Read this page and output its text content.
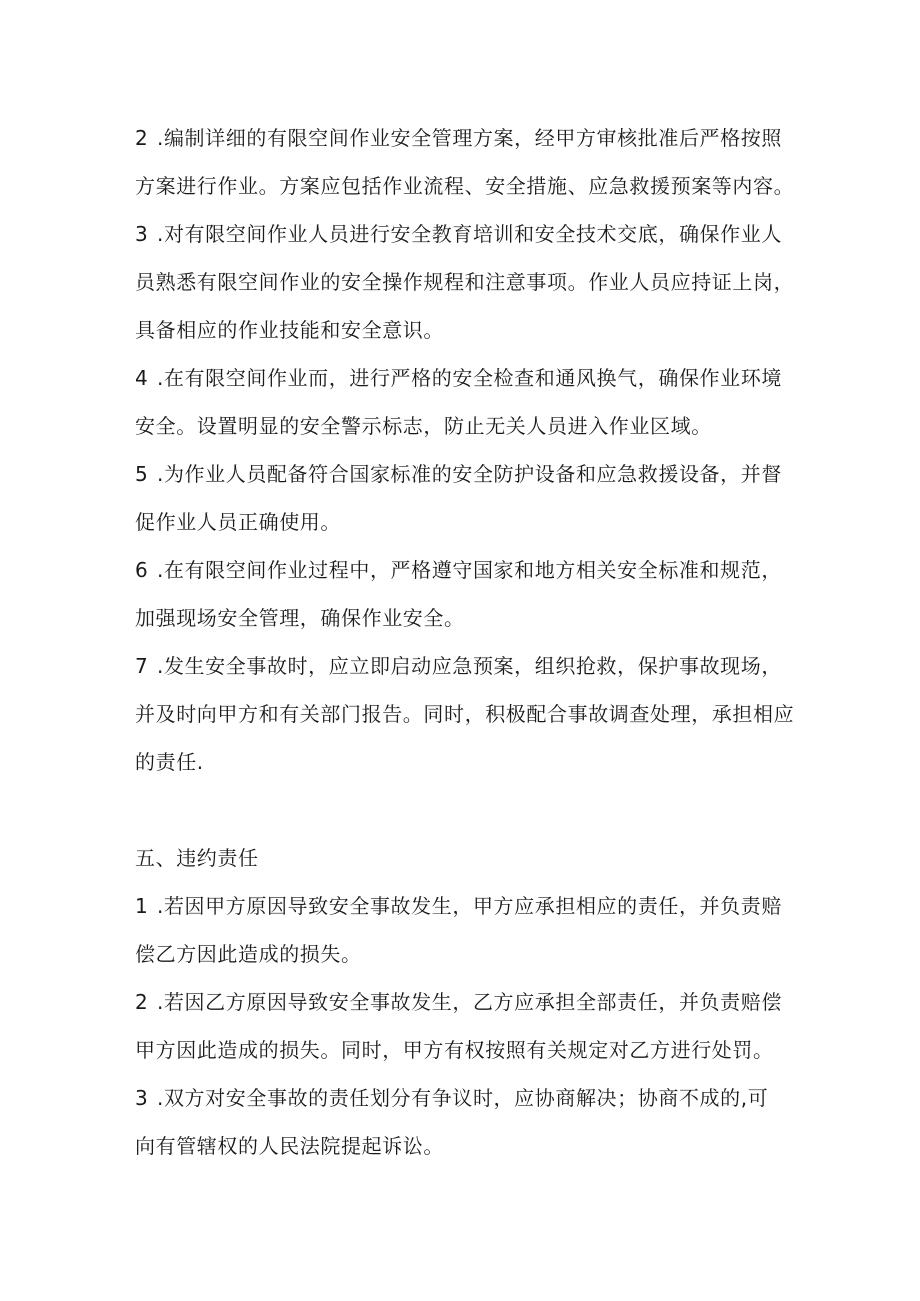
2 .编制详细的有限空间作业安全管理方案，经甲方审核批准后严格按照

方案进行作业。方案应包括作业流程、安全措施、应急救援预案等内容。

3 .对有限空间作业人员进行安全教育培训和安全技术交底，确保作业人

员熟悉有限空间作业的安全操作规程和注意事项。作业人员应持证上岗，

具备相应的作业技能和安全意识。

4 .在有限空间作业而，进行严格的安全检查和通风换气，确保作业环境

安全。设置明显的安全警示标志，防止无关人员进入作业区域。

5 .为作业人员配备符合国家标准的安全防护设备和应急救援设备，并督

促作业人员正确使用。

6 .在有限空间作业过程中，严格遵守国家和地方相关安全标准和规范，

加强现场安全管理，确保作业安全。

7 .发生安全事故时，应立即启动应急预案，组织抢救，保护事故现场，

并及时向甲方和有关部门报告。同时，积极配合事故调查处理，承担相应

的责任.

五、违约责任

1 .若因甲方原因导致安全事故发生，甲方应承担相应的责任，并负责赔

偿乙方因此造成的损失。

2 .若因乙方原因导致安全事故发生，乙方应承担全部责任，并负责赔偿

甲方因此造成的损失。同时，甲方有权按照有关规定对乙方进行处罚。

3 .双方对安全事故的责任划分有争议时，应协商解决；协商不成的,可

向有管辖权的人民法院提起诉讼。
